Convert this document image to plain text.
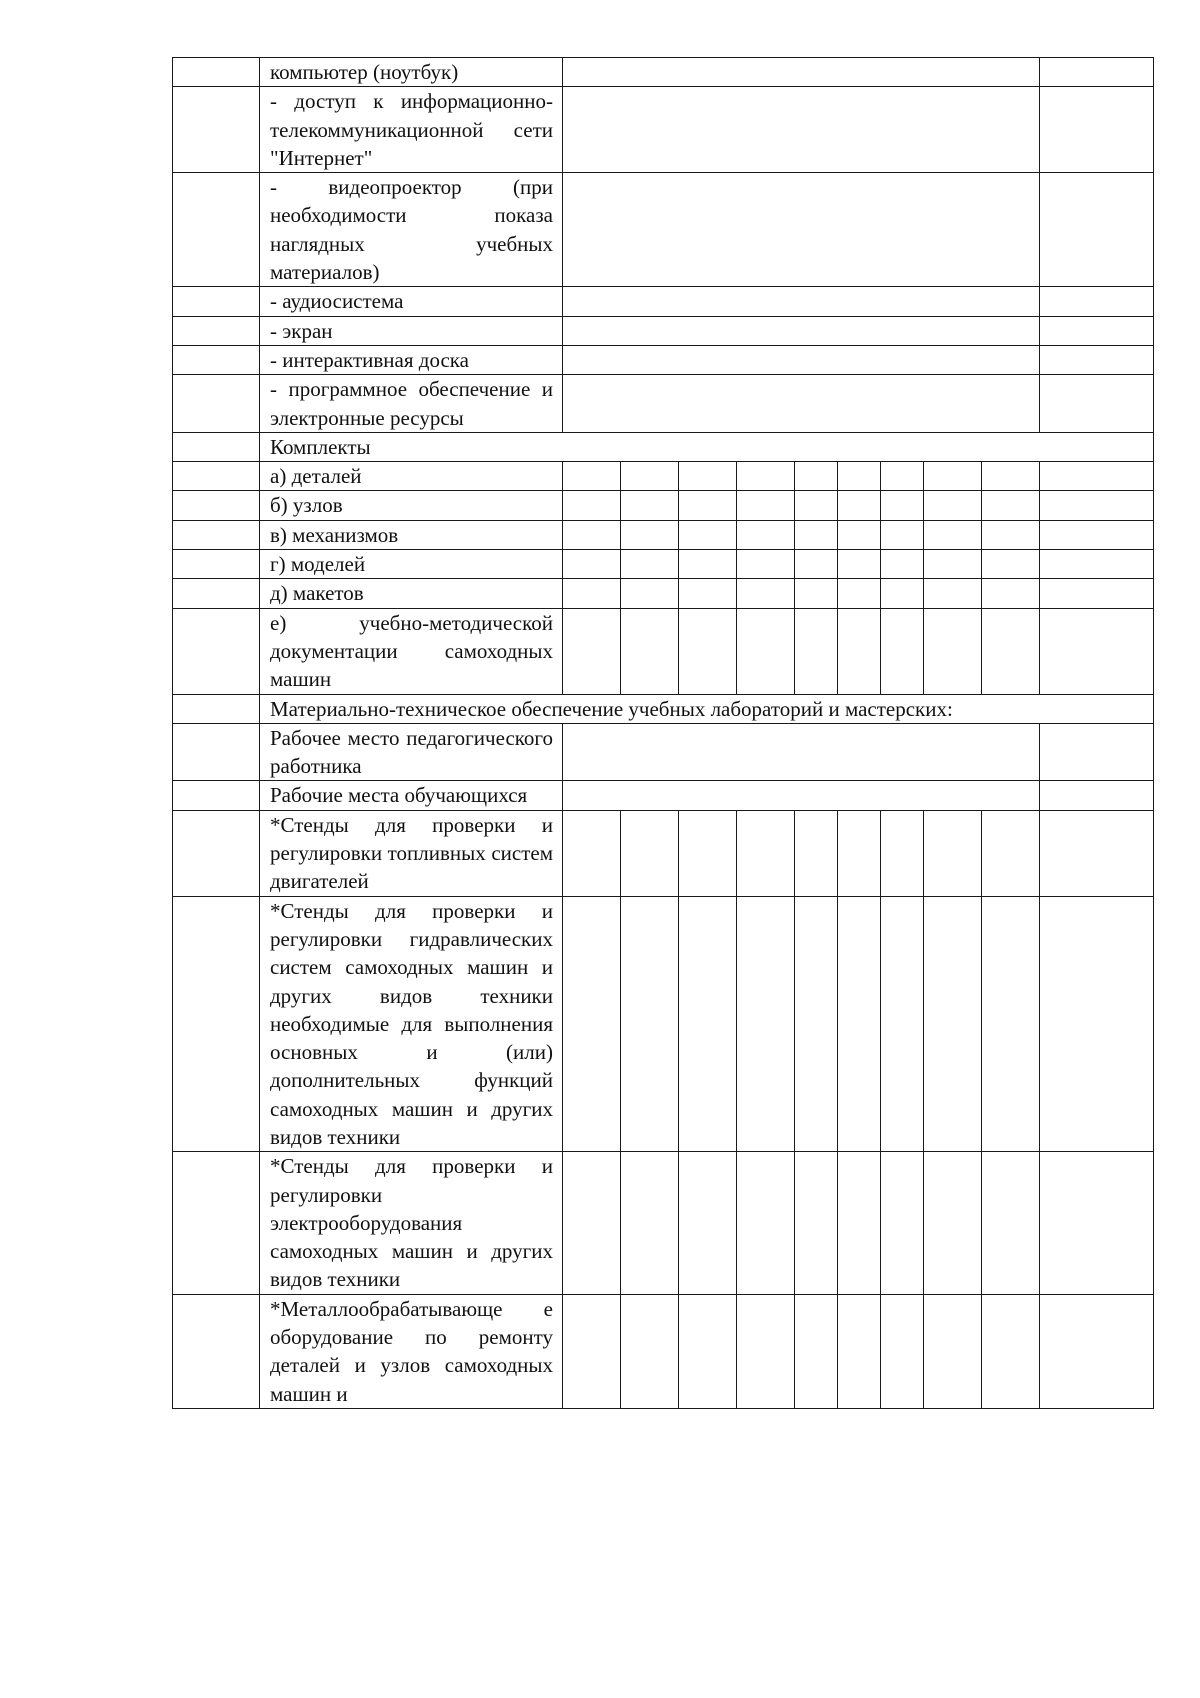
	компьютер (ноутбук)										
	- доступ к информационно-телекоммуникационной сети "Интернет"										
	- видеопроектор (при необходимости показа наглядных учебных материалов)										
	- аудиосистема										
	- экран										
	- интерактивная доска										
	- программное обеспечение и электронные ресурсы										
	Комплекты										
	а) деталей										
	б) узлов										
	в) механизмов										
	г) моделей										
	д) макетов										
	е) учебно-методической документации самоходных машин										
	Материально-техническое обеспечение учебных лабораторий и мастерских:										
	Рабочее место педагогического работника										
	Рабочие места обучающихся										
	*Стенды для проверки и регулировки топливных систем двигателей										
	*Стенды для проверки и регулировки гидравлических систем самоходных машин и других видов техники необходимые для выполнения основных и (или) дополнительных функций самоходных машин и других видов техники										
	*Стенды для проверки и регулировки электрооборудования самоходных машин и других видов техники										
	*Металлообрабатывающе е оборудование по ремонту деталей и узлов самоходных машин и										
